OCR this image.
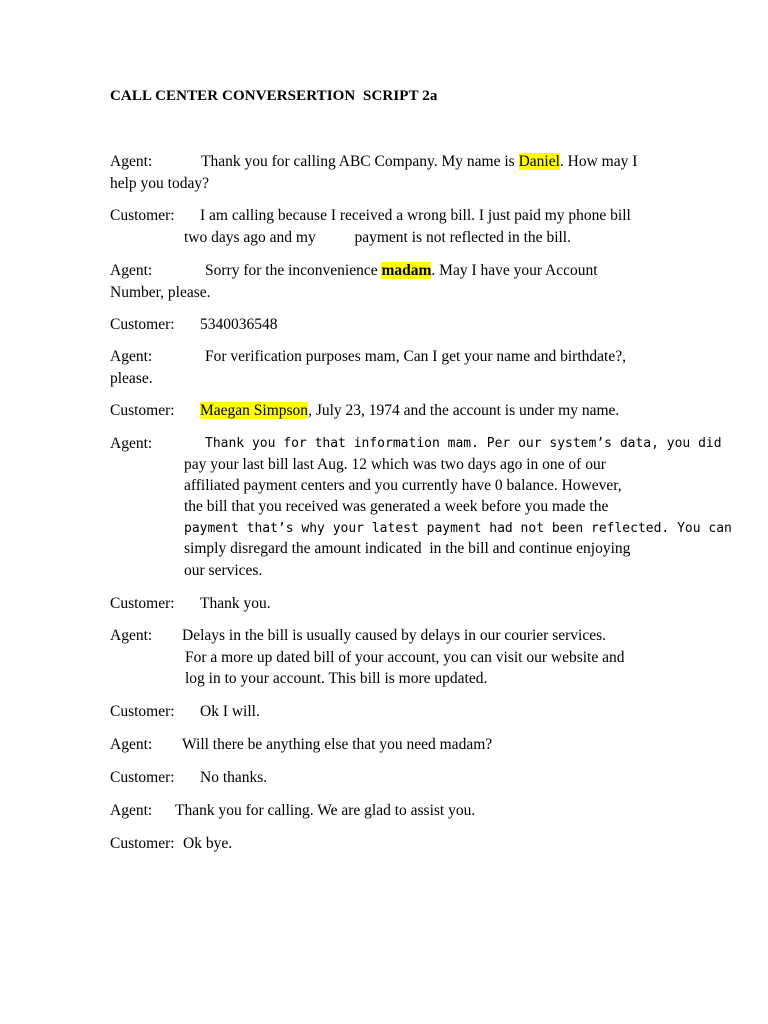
CALL CENTER CONVERSERTION  SCRIPT 2a
Agent:	Thank you for calling ABC Company. My name is Daniel. How may I
help you today?
Customer: I am calling because I received a wrong bill. I just paid my phone bill
two days ago and my          payment is not reflected in the bill.
Agent:	Sorry for the inconvenience madam. May I have your Account
Number, please.
Customer: 5340036548
Agent:	For verification purposes mam, Can I get your name and birthdate?,
please.
Customer: Maegan Simpson, July 23, 1974 and the account is under my name.
Agent:	Thank you for that information mam. Per our system’s data, you did
pay your last bill last Aug. 12 which was two days ago in one of our
affiliated payment centers and you currently have 0 balance. However,
the bill that you received was generated a week before you made the
payment that’s why your latest payment had not been reflected. You can
simply disregard the amount indicated  in the bill and continue enjoying
our services.
Customer: Thank you.
Agent: Delays in the bill is usually caused by delays in our courier services.
For a more up dated bill of your account, you can visit our website and
log in to your account. This bill is more updated.
Customer: Ok I will.
Agent: Will there be anything else that you need madam?
Customer: No thanks.
Agent: Thank you for calling. We are glad to assist you.
Customer: Ok bye.
